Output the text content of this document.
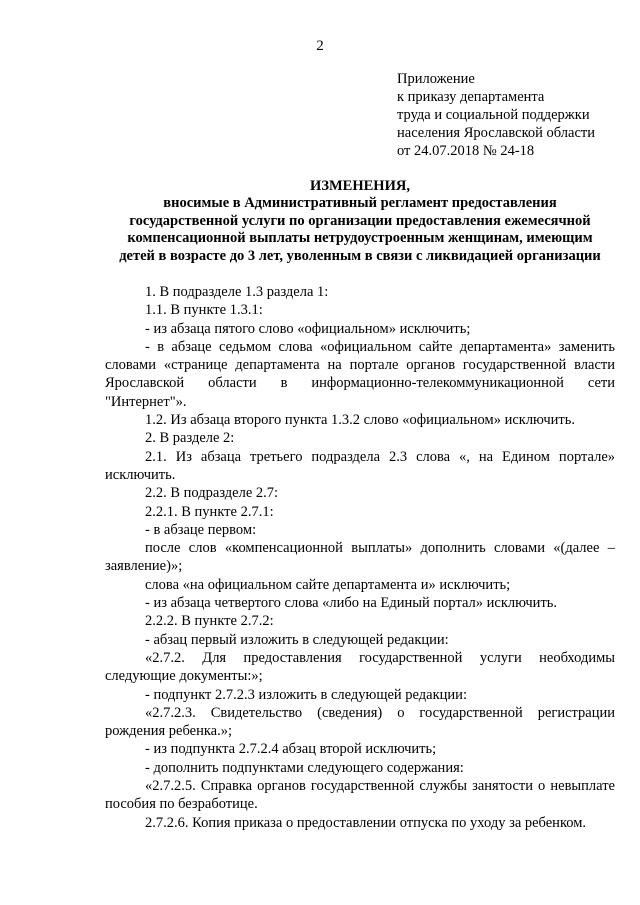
2
Приложение
к приказу департамента
труда и социальной поддержки
населения Ярославской области
от 24.07.2018 № 24-18
ИЗМЕНЕНИЯ,
вносимые в Административный регламент предоставления
государственной услуги по организации предоставления ежемесячной
компенсационной выплаты нетрудоустроенным женщинам, имеющим
детей в возрасте до 3 лет, уволенным в связи с ликвидацией организации

1. В подразделе 1.3 раздела 1:

1.1. В пункте 1.3.1:

- из абзаца пятого слово «официальном» исключить;

- в абзаце седьмом слова «официальном сайте департамента» заменить словами «странице департамента на портале органов государственной власти Ярославской области в информационно-телекоммуникационной сети "Интернет"».

1.2. Из абзаца второго пункта 1.3.2 слово «официальном» исключить.

2. В разделе 2:

2.1. Из абзаца третьего подраздела 2.3 слова «, на Едином портале» исключить.

2.2. В подразделе 2.7:

2.2.1. В пункте 2.7.1:

- в абзаце первом:

после слов «компенсационной выплаты» дополнить словами «(далее – заявление)»;

слова «на официальном сайте департамента и» исключить;

- из абзаца четвертого слова «либо на Единый портал» исключить.

2.2.2. В пункте 2.7.2:

- абзац первый изложить в следующей редакции:

«2.7.2. Для предоставления государственной услуги необходимы следующие документы:»;

- подпункт 2.7.2.3 изложить в следующей редакции:

«2.7.2.3. Свидетельство (сведения) о государственной регистрации рождения ребенка.»;

- из подпункта 2.7.2.4 абзац второй исключить;

- дополнить подпунктами следующего содержания:

«2.7.2.5. Справка органов государственной службы занятости о невыплате пособия по безработице.

2.7.2.6. Копия приказа о предоставлении отпуска по уходу за ребенком.
